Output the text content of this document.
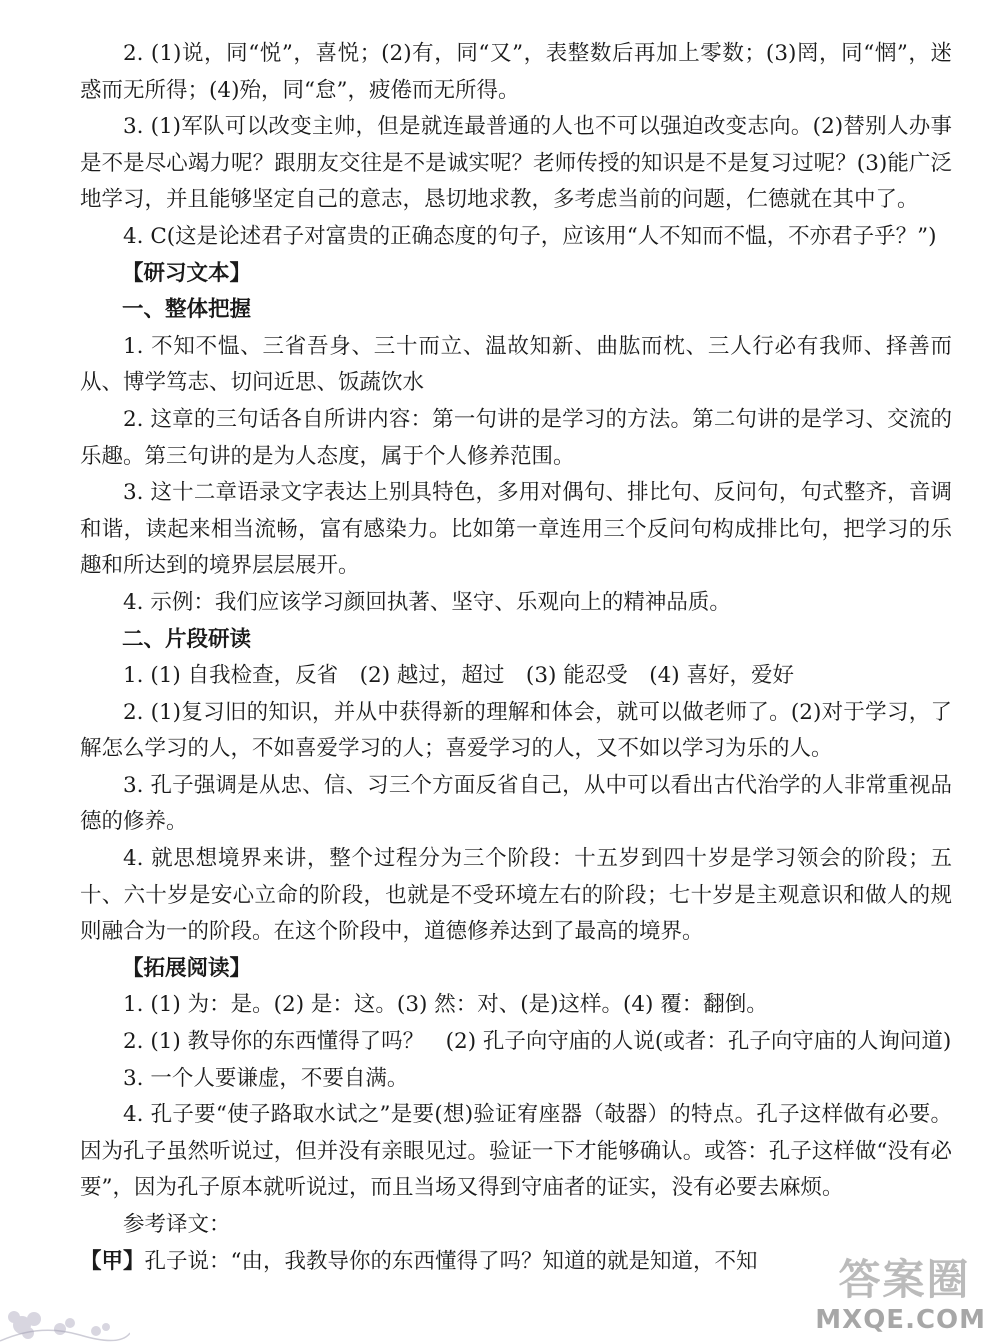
2. (1)说，同“悦”，喜悦；(2)有，同“又”，表整数后再加上零数；(3)罔，同“惘”，迷惑而无所得；(4)殆，同“怠”，疲倦而无所得。

3. (1)军队可以改变主帅，但是就连最普通的人也不可以强迫改变志向。(2)替别人办事是不是尽心竭力呢？跟朋友交往是不是诚实呢？老师传授的知识是不是复习过呢？(3)能广泛地学习，并且能够坚定自己的意志，恳切地求教，多考虑当前的问题，仁德就在其中了。

4. C(这是论述君子对富贵的正确态度的句子，应该用“人不知而不愠，不亦君子乎？”)

【研习文本】

一、整体把握

1. 不知不愠、三省吾身、三十而立、温故知新、曲肱而枕、三人行必有我师、择善而从、博学笃志、切问近思、饭蔬饮水

2. 这章的三句话各自所讲内容：第一句讲的是学习的方法。第二句讲的是学习、交流的乐趣。第三句讲的是为人态度，属于个人修养范围。

3. 这十二章语录文字表达上别具特色，多用对偶句、排比句、反问句，句式整齐，音调和谐，读起来相当流畅，富有感染力。比如第一章连用三个反问句构成排比句，把学习的乐趣和所达到的境界层层展开。

4. 示例：我们应该学习颜回执著、坚守、乐观向上的精神品质。

二、片段研读

1. (1) 自我检查，反省　(2) 越过，超过　(3) 能忍受　(4) 喜好，爱好

2. (1)复习旧的知识，并从中获得新的理解和体会，就可以做老师了。(2)对于学习，了解怎么学习的人，不如喜爱学习的人；喜爱学习的人，又不如以学习为乐的人。

3. 孔子强调是从忠、信、习三个方面反省自己，从中可以看出古代治学的人非常重视品德的修养。

4. 就思想境界来讲，整个过程分为三个阶段：十五岁到四十岁是学习领会的阶段；五十、六十岁是安心立命的阶段，也就是不受环境左右的阶段；七十岁是主观意识和做人的规则融合为一的阶段。在这个阶段中，道德修养达到了最高的境界。

【拓展阅读】

1. (1) 为：是。(2) 是：这。(3) 然：对、(是)这样。(4) 覆：翻倒。

2. (1) 教导你的东西懂得了吗？　(2) 孔子向守庙的人说(或者：孔子向守庙的人询问道)

3. 一个人要谦虚，不要自满。

4. 孔子要“使子路取水试之”是要(想)验证宥座器（攲器）的特点。孔子这样做有必要。因为孔子虽然听说过，但并没有亲眼见过。验证一下才能够确认。或答：孔子这样做“没有必要”，因为孔子原本就听说过，而且当场又得到守庙者的证实，没有必要去麻烦。

参考译文：

【甲】孔子说：“由，我教导你的东西懂得了吗？知道的就是知道，不知	答案圈
MXQE.COM
